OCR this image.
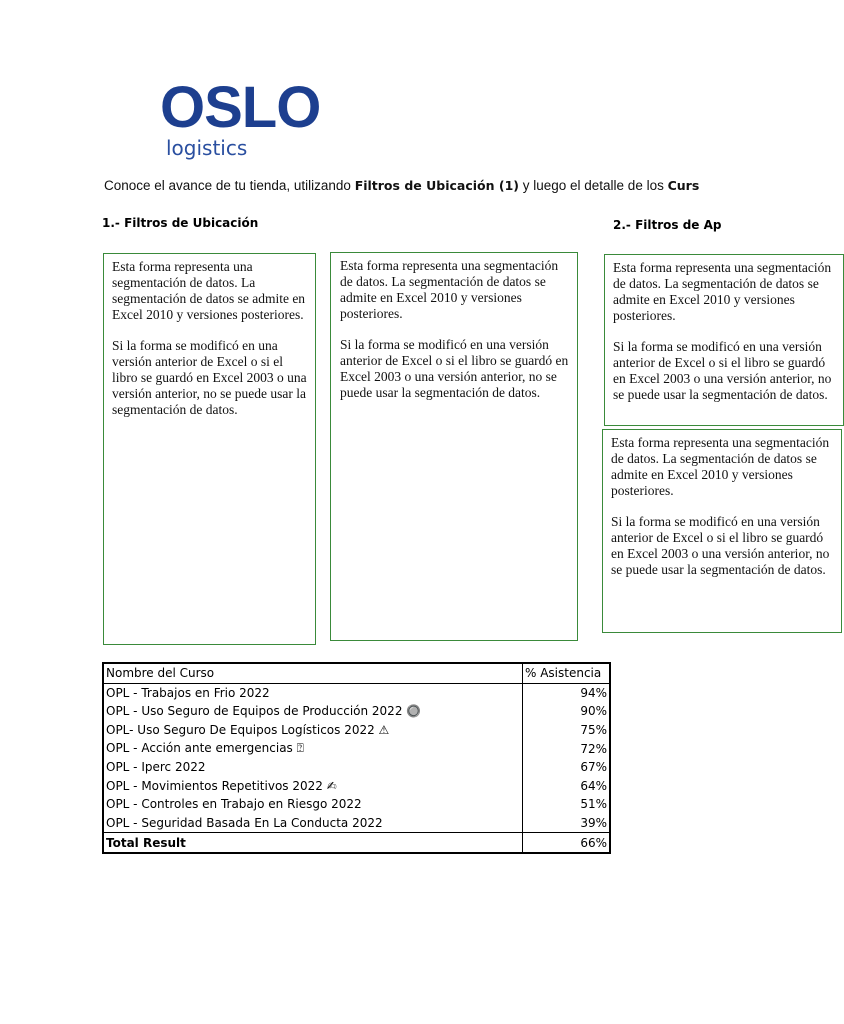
OSLO
logistics
Conoce el avance de tu tienda, utilizando Filtros de Ubicación (1) y luego el detalle de los Curs
1.- Filtros de Ubicación	2.- Filtros de Ap

Esta forma representa una segmentación de datos. La segmentación de datos se admite en Excel 2010 y versiones posteriores.

Si la forma se modificó en una versión anterior de Excel o si el libro se guardó en Excel 2003 o una versión anterior, no se puede usar la segmentación de datos.

Esta forma representa una segmentación de datos. La segmentación de datos se admite en Excel 2010 y versiones posteriores.

Si la forma se modificó en una versión anterior de Excel o si el libro se guardó en Excel 2003 o una versión anterior, no se puede usar la segmentación de datos.

Esta forma representa una segmentación de datos. La segmentación de datos se admite en Excel 2010 y versiones posteriores.

Si la forma se modificó en una versión anterior de Excel o si el libro se guardó en Excel 2003 o una versión anterior, no se puede usar la segmentación de datos.

Esta forma representa una segmentación de datos. La segmentación de datos se admite en Excel 2010 y versiones posteriores.

Si la forma se modificó en una versión anterior de Excel o si el libro se guardó en Excel 2003 o una versión anterior, no se puede usar la segmentación de datos.

Nombre del Curso	% Asistencia
OPL - Trabajos en Frio 2022	94%
OPL - Uso Seguro de Equipos de Producción 2022 🔘	90%
OPL- Uso Seguro De Equipos Logísticos 2022 ⚠	75%
OPL - Acción ante emergencias ⍰	72%
OPL - Iperc 2022	67%
OPL - Movimientos Repetitivos 2022 ✍	64%
OPL - Controles en Trabajo en Riesgo 2022	51%
OPL - Seguridad Basada En La Conducta 2022	39%
Total Result	66%
